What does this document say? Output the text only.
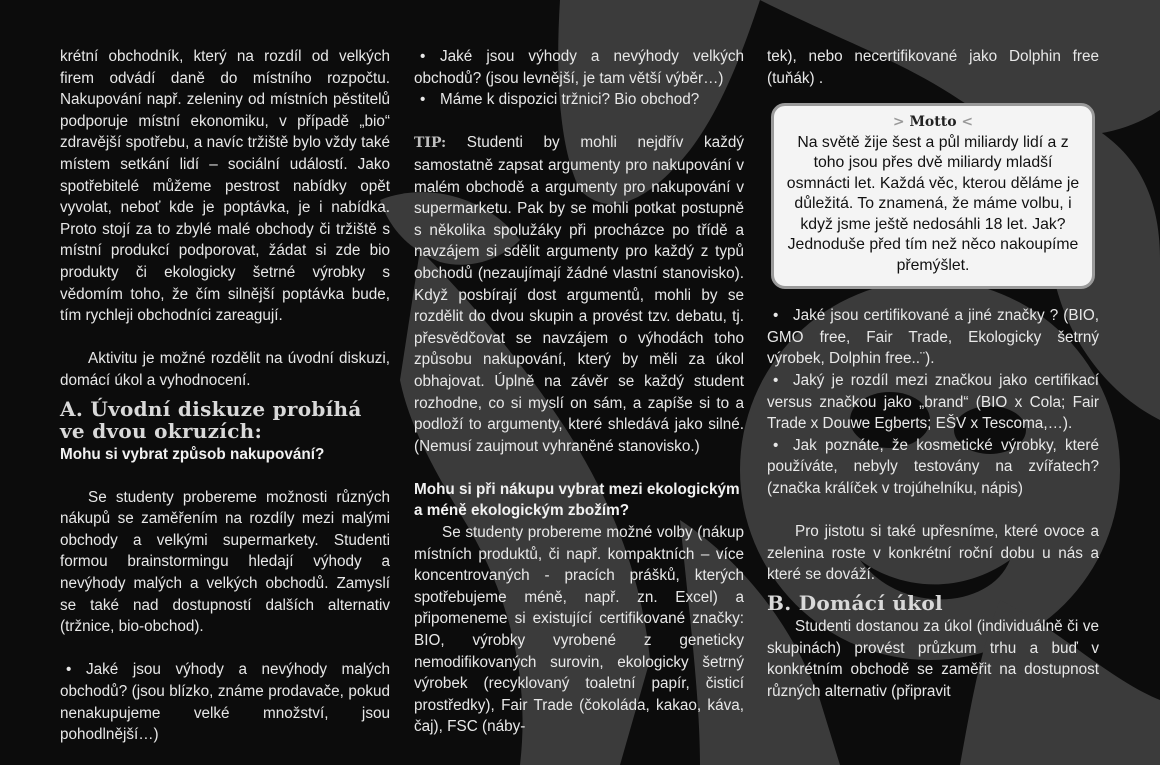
krétní obchodník, který na rozdíl od velkých firem odvádí daně do místního rozpočtu. Nakupování např. zeleniny od místních pěstitelů podporuje místní ekonomiku, v případě „bio“ zdravější spotřebu, a navíc tržiště bylo vždy také místem setkání lidí – sociální událostí. Jako spotřebitelé můžeme pestrost nabídky opět vyvolat, neboť kde je poptávka, je i nabídka. Proto stojí za to zbylé malé obchody či tržiště s místní produkcí podporovat, žádat si zde bio produkty či ekologicky šetrné výrobky s vědomím toho, že čím silnější poptávka bude, tím rychleji obchodníci zareagují.

Aktivitu je možné rozdělit na úvodní diskuzi, domácí úkol a vyhodnocení.

A. Úvodní diskuze probíhá ve dvou okruzích:

Mohu si vybrat způsob nakupování?

Se studenty probereme možnosti různých nákupů se zaměřením na rozdíly mezi malými obchody a velkými supermarkety. Studenti formou brainstormingu hledají výhody a nevýhody malých a velkých obchodů. Zamyslí se také nad dostupností dalších alternativ (tržnice, bio-obchod).

• Jaké jsou výhody a nevýhody malých obchodů? (jsou blízko, známe prodavače, pokud nenakupujeme velké množství, jsou pohodlnější…)

• Jaké jsou výhody a nevýhody velkých obchodů? (jsou levnější, je tam větší výběr…)

• Máme k dispozici tržnici? Bio obchod?

TIP: Studenti by mohli nejdřív každý samostatně zapsat argumenty pro nakupování v malém obchodě a argumenty pro nakupování v supermarketu. Pak by se mohli potkat postupně s několika spolužáky při procházce po třídě a navzájem si sdělit argumenty pro každý z typů obchodů (nezaujímají žádné vlastní stanovisko). Když posbírají dost argumentů, mohli by se rozdělit do dvou skupin a provést tzv. debatu, tj. přesvědčovat se navzájem o výhodách toho způsobu nakupování, který by měli za úkol obhajovat. Úplně na závěr se každý student rozhodne, co si myslí on sám, a zapíše si to a podloží to argumenty, které shledává jako silné. (Nemusí zaujmout vyhraněné stanovisko.)

Mohu si při nákupu vybrat mezi ekologickým a méně ekologickým zbožím?

Se studenty probereme možné volby (nákup místních produktů, či např. kompaktních – více koncentrovaných - pracích prášků, kterých spotřebujeme méně, např. zn. Excel) a připomeneme si existující certifikované značky: BIO, výrobky vyrobené z geneticky nemodifikovaných surovin, ekologicky šetrný výrobek (recyklovaný toaletní papír, čisticí prostředky), Fair Trade (čokoláda, kakao, káva, čaj), FSC (náby-

tek), nebo necertifikované jako Dolphin free (tuňák) .

> Motto <
Na světě žije šest a půl miliardy lidí a z toho jsou přes dvě miliardy mladší osmnácti let. Každá věc, kterou děláme je důležitá. To znamená, že máme volbu, i když jsme ještě nedosáhli 18 let. Jak? Jednoduše před tím než něco nakoupíme přemýšlet.

• Jaké jsou certifikované a jiné značky ? (BIO, GMO free, Fair Trade, Ekologicky šetrný výrobek, Dolphin free..¨).

• Jaký je rozdíl mezi značkou jako certifikací versus značkou jako „brand“ (BIO x Cola; Fair Trade x Douwe Egberts; EŠV x Tescoma,…).

• Jak poznáte, že kosmetické výrobky, které používáte, nebyly testovány na zvířatech? (značka králíček v trojúhelníku, nápis)

Pro jistotu si také upřesníme, které ovoce a zelenina roste v konkrétní roční dobu u nás a které se dováží.

B. Domácí úkol

Studenti dostanou za úkol (individuálně či ve skupinách) provést průzkum trhu a buď v konkrétním obchodě se zaměřit na dostupnost různých alternativ (připravit
